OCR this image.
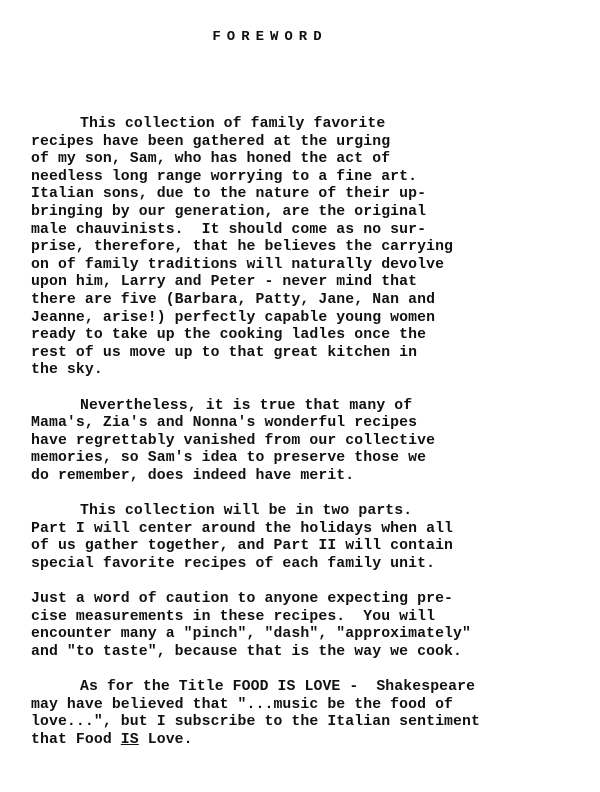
FOREWORD
This collection of family favorite
recipes have been gathered at the urging
of my son, Sam, who has honed the act of
needless long range worrying to a fine art.
Italian sons, due to the nature of their up-
bringing by our generation, are the original
male chauvinists.  It should come as no sur-
prise, therefore, that he believes the carrying
on of family traditions will naturally devolve
upon him, Larry and Peter - never mind that
there are five (Barbara, Patty, Jane, Nan and
Jeanne, arise!) perfectly capable young women
ready to take up the cooking ladles once the
rest of us move up to that great kitchen in
the sky.
Nevertheless, it is true that many of
Mama's, Zia's and Nonna's wonderful recipes
have regrettably vanished from our collective
memories, so Sam's idea to preserve those we
do remember, does indeed have merit.
This collection will be in two parts.
Part I will center around the holidays when all
of us gather together, and Part II will contain
special favorite recipes of each family unit.
Just a word of caution to anyone expecting pre-
cise measurements in these recipes.  You will
encounter many a "pinch", "dash", "approximately"
and "to taste", because that is the way we cook.
As for the Title FOOD IS LOVE -  Shakespeare
may have believed that "...music be the food of
love...", but I subscribe to the Italian sentiment
that Food IS Love.
